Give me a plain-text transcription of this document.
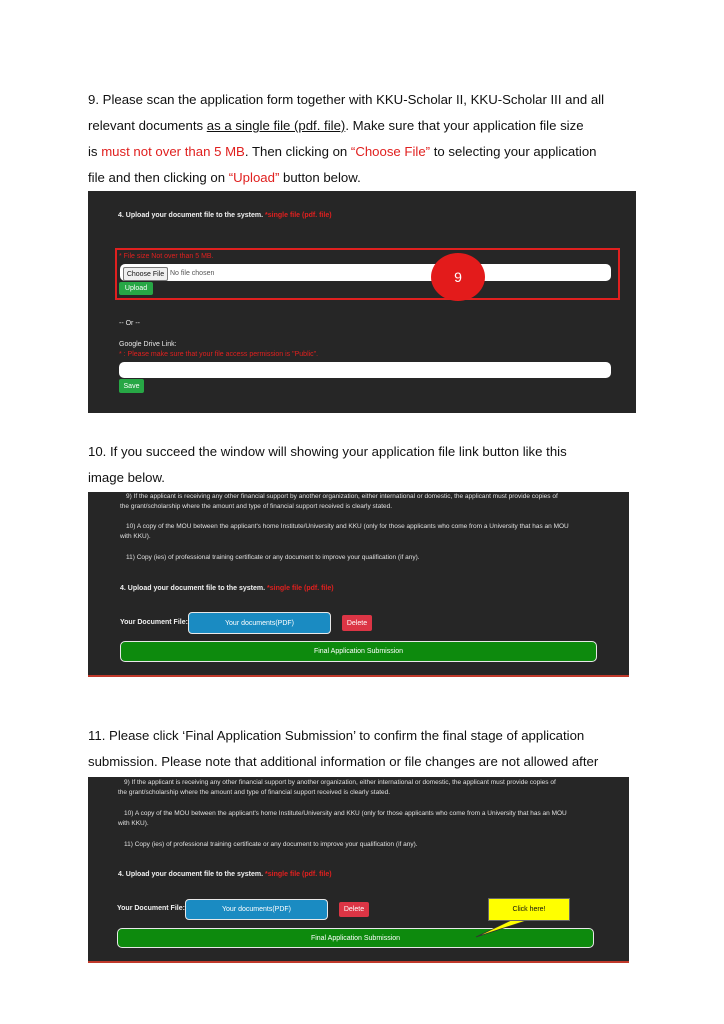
9. Please scan the application form together with KKU-Scholar II, KKU-Scholar III and all
relevant documents as a single file (pdf. file). Make sure that your application file size
is must not over than 5 MB. Then clicking on “Choose File” to selecting your application
file and then clicking on “Upload” button below.
4. Upload your document file to the system. *single file (pdf. file)
* File size Not over than 5 MB.
Choose File No file chosen
Upload
9
-- Or --
Google Drive Link:
* : Please make sure that your file access permission is "Public".
Save
10. If you succeed the window will showing your application file link button like this
image below.
9) If the applicant is receiving any other financial support by another organization, either international or domestic, the applicant must provide copies of
the grant/scholarship where the amount and type of financial support received is clearly stated.
10) A copy of the MOU between the applicant's home Institute/University and KKU (only for those applicants who come from a University that has an MOU
with KKU).
11) Copy (ies) of professional training certificate or any document to improve your qualification (if any).
4. Upload your document file to the system. *single file (pdf. file)
Your Document File:	Your documents(PDF)	Delete
Final Application Submission
11. Please click ‘Final Application Submission’ to confirm the final stage of application
submission. Please note that additional information or file changes are not allowed after
9) If the applicant is receiving any other financial support by another organization, either international or domestic, the applicant must provide copies of
the grant/scholarship where the amount and type of financial support received is clearly stated.
10) A copy of the MOU between the applicant's home Institute/University and KKU (only for those applicants who come from a University that has an MOU
with KKU).
11) Copy (ies) of professional training certificate or any document to improve your qualification (if any).
4. Upload your document file to the system. *single file (pdf. file)
Your Document File:	Your documents(PDF)	Delete
Final Application Submission
Click here!
